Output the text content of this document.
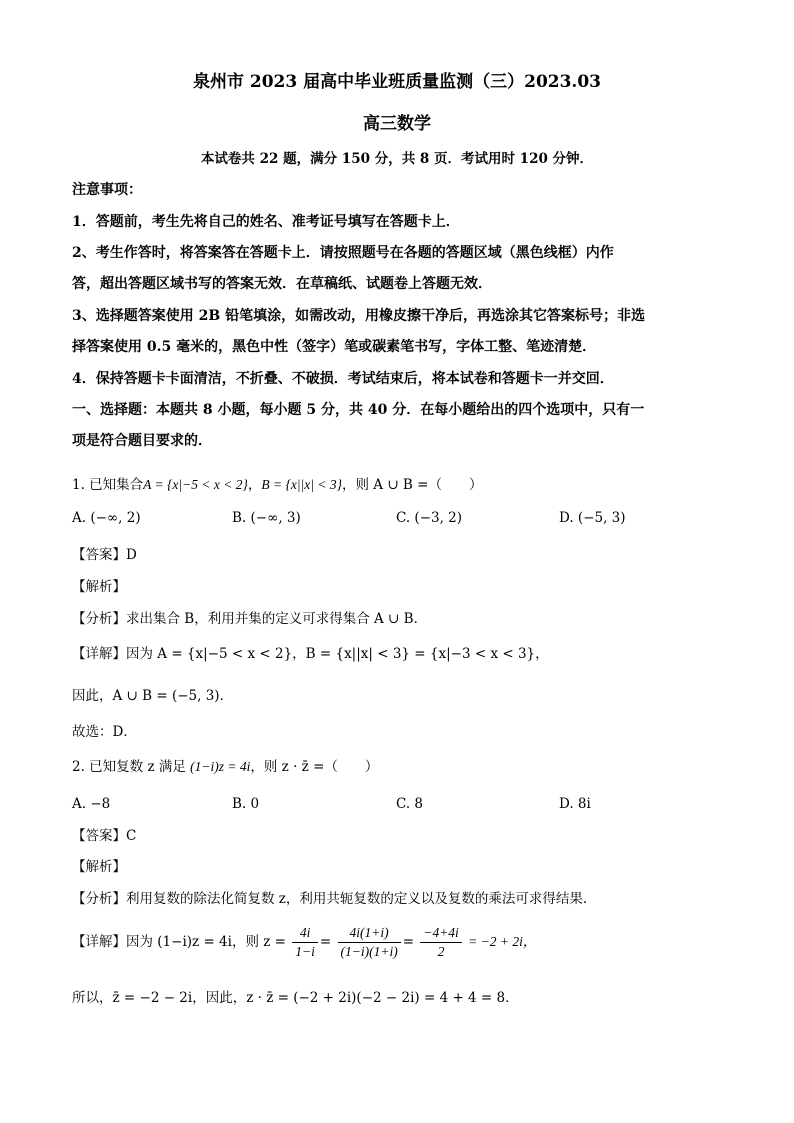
泉州市 2023 届高中毕业班质量监测（三）2023.03
高三数学
本试卷共 22 题，满分 150 分，共 8 页．考试用时 120 分钟．
注意事项：
1．答题前，考生先将自己的姓名、准考证号填写在答题卡上．
2、考生作答时，将答案答在答题卡上．请按照题号在各题的答题区域（黑色线框）内作
答，超出答题区域书写的答案无效．在草稿纸、试题卷上答题无效．
3、选择题答案使用 2B 铅笔填涂，如需改动，用橡皮擦干净后，再选涂其它答案标号；非选
择答案使用 0.5 毫米的，黑色中性（签字）笔或碳素笔书写，字体工整、笔迹清楚．
4．保持答题卡卡面清洁，不折叠、不破损．考试结束后，将本试卷和答题卡一并交回．
一、选择题：本题共 8 小题，每小题 5 分，共 40 分．在每小题给出的四个选项中，只有一
项是符合题目要求的．
1. 已知集合A = {x|−5 < x < 2}，B = {x||x| < 3}，则 A ∪ B =（　　）
A. (−∞, 2)	B. (−∞, 3)	C. (−3, 2)	D. (−5, 3)
【答案】D
【解析】
【分析】求出集合 B，利用并集的定义可求得集合 A ∪ B．
【详解】因为 A = {x|−5 < x < 2}，B = {x||x| < 3} = {x|−3 < x < 3}，
因此，A ∪ B = (−5, 3)．
故选：D．
2. 已知复数 z 满足 (1−i)z = 4i，则 z · z̄ =（　　）
A. −8	B. 0	C. 8	D. 8i
【答案】C
【解析】
【分析】利用复数的除法化简复数 z，利用共轭复数的定义以及复数的乘法可求得结果.
【详解】因为 (1−i)z = 4i，则 $z = \frac{4i}{1-i} = \frac{4i(1+i)}{(1-i)(1+i)} = \frac{-4+4i}{2} = -2 + 2i$，
所以，z̄ = −2 − 2i，因此，z · z̄ = (−2 + 2i)(−2 − 2i) = 4 + 4 = 8．
